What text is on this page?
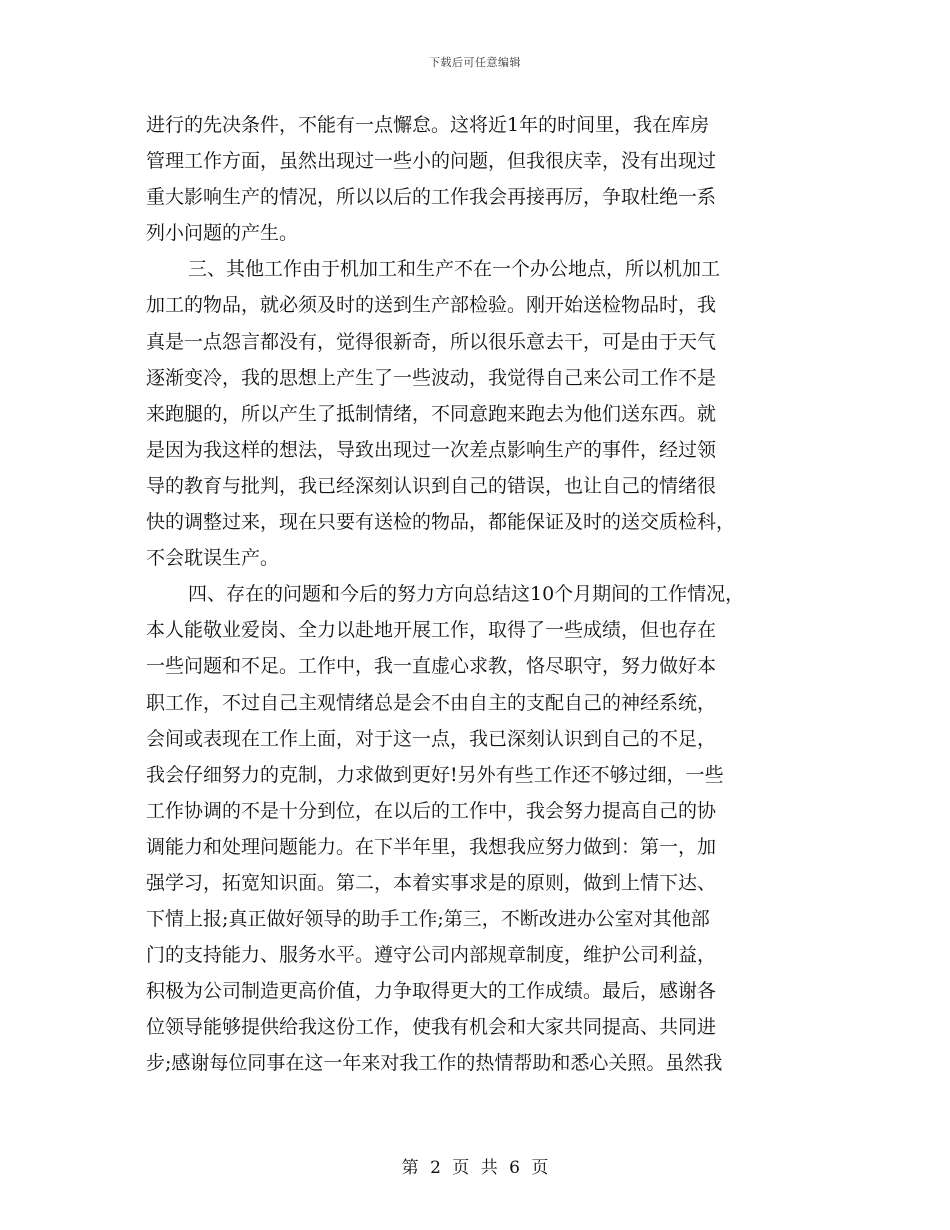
下载后可任意编辑
进行的先决条件，不能有一点懈怠。这将近1年的时间里，我在库房
管理工作方面，虽然出现过一些小的问题，但我很庆幸，没有出现过
重大影响生产的情况，所以以后的工作我会再接再厉，争取杜绝一系
列小问题的产生。
三、其他工作由于机加工和生产不在一个办公地点，所以机加工
加工的物品，就必须及时的送到生产部检验。刚开始送检物品时，我
真是一点怨言都没有，觉得很新奇，所以很乐意去干，可是由于天气
逐渐变冷，我的思想上产生了一些波动，我觉得自己来公司工作不是
来跑腿的，所以产生了抵制情绪，不同意跑来跑去为他们送东西。就
是因为我这样的想法，导致出现过一次差点影响生产的事件，经过领
导的教育与批判，我已经深刻认识到自己的错误，也让自己的情绪很
快的调整过来，现在只要有送检的物品，都能保证及时的送交质检科，
不会耽误生产。
四、存在的问题和今后的努力方向总结这10个月期间的工作情况，
本人能敬业爱岗、全力以赴地开展工作，取得了一些成绩，但也存在
一些问题和不足。工作中，我一直虚心求教，恪尽职守，努力做好本
职工作，不过自己主观情绪总是会不由自主的支配自己的神经系统，
会间或表现在工作上面，对于这一点，我已深刻认识到自己的不足，
我会仔细努力的克制，力求做到更好!另外有些工作还不够过细，一些
工作协调的不是十分到位，在以后的工作中，我会努力提高自己的协
调能力和处理问题能力。在下半年里，我想我应努力做到：第一，加
强学习，拓宽知识面。第二，本着实事求是的原则，做到上情下达、
下情上报;真正做好领导的助手工作;第三，不断改进办公室对其他部
门的支持能力、服务水平。遵守公司内部规章制度，维护公司利益，
积极为公司制造更高价值，力争取得更大的工作成绩。最后，感谢各
位领导能够提供给我这份工作，使我有机会和大家共同提高、共同进
步;感谢每位同事在这一年来对我工作的热情帮助和悉心关照。虽然我
第 2 页 共 6 页
